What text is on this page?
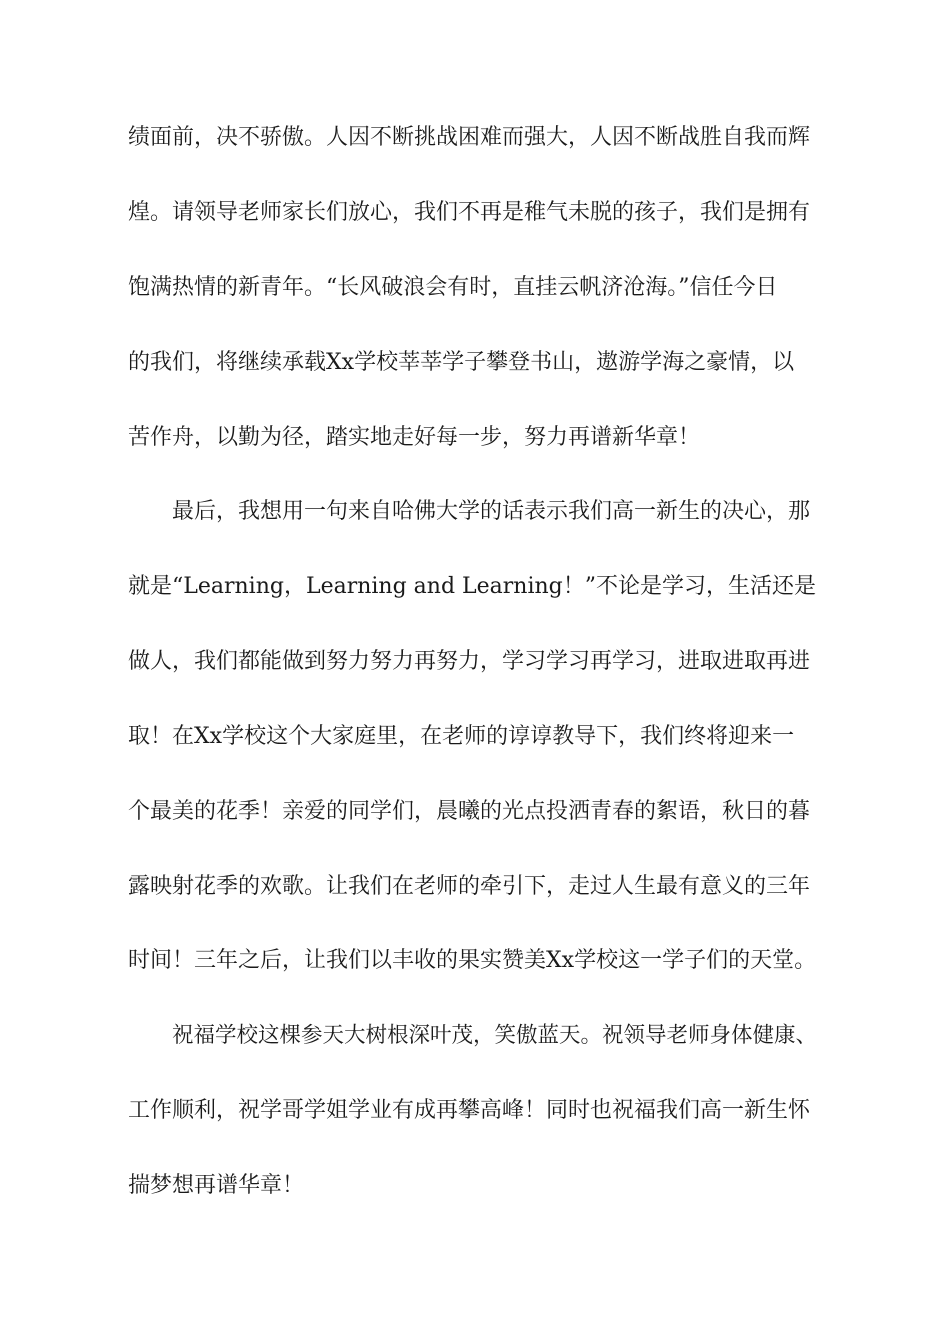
绩面前，决不骄傲。人因不断挑战困难而强大，人因不断战胜自我而辉
煌。请领导老师家长们放心，我们不再是稚气未脱的孩子，我们是拥有
饱满热情的新青年。“长风破浪会有时，直挂云帆济沧海。”信任今日
的我们，将继续承载Xx学校莘莘学子攀登书山，遨游学海之豪情，以
苦作舟，以勤为径，踏实地走好每一步，努力再谱新华章！
最后，我想用一句来自哈佛大学的话表示我们高一新生的决心，那
就是“Learning，Learning and Learning！”不论是学习，生活还是
做人，我们都能做到努力努力再努力，学习学习再学习，进取进取再进
取！在Xx学校这个大家庭里，在老师的谆谆教导下，我们终将迎来一
个最美的花季！亲爱的同学们，晨曦的光点投洒青春的絮语，秋日的暮
露映射花季的欢歌。让我们在老师的牵引下，走过人生最有意义的三年
时间！三年之后，让我们以丰收的果实赞美Xx学校这一学子们的天堂。
祝福学校这棵参天大树根深叶茂，笑傲蓝天。祝领导老师身体健康、
工作顺利，祝学哥学姐学业有成再攀高峰！同时也祝福我们高一新生怀
揣梦想再谱华章！
